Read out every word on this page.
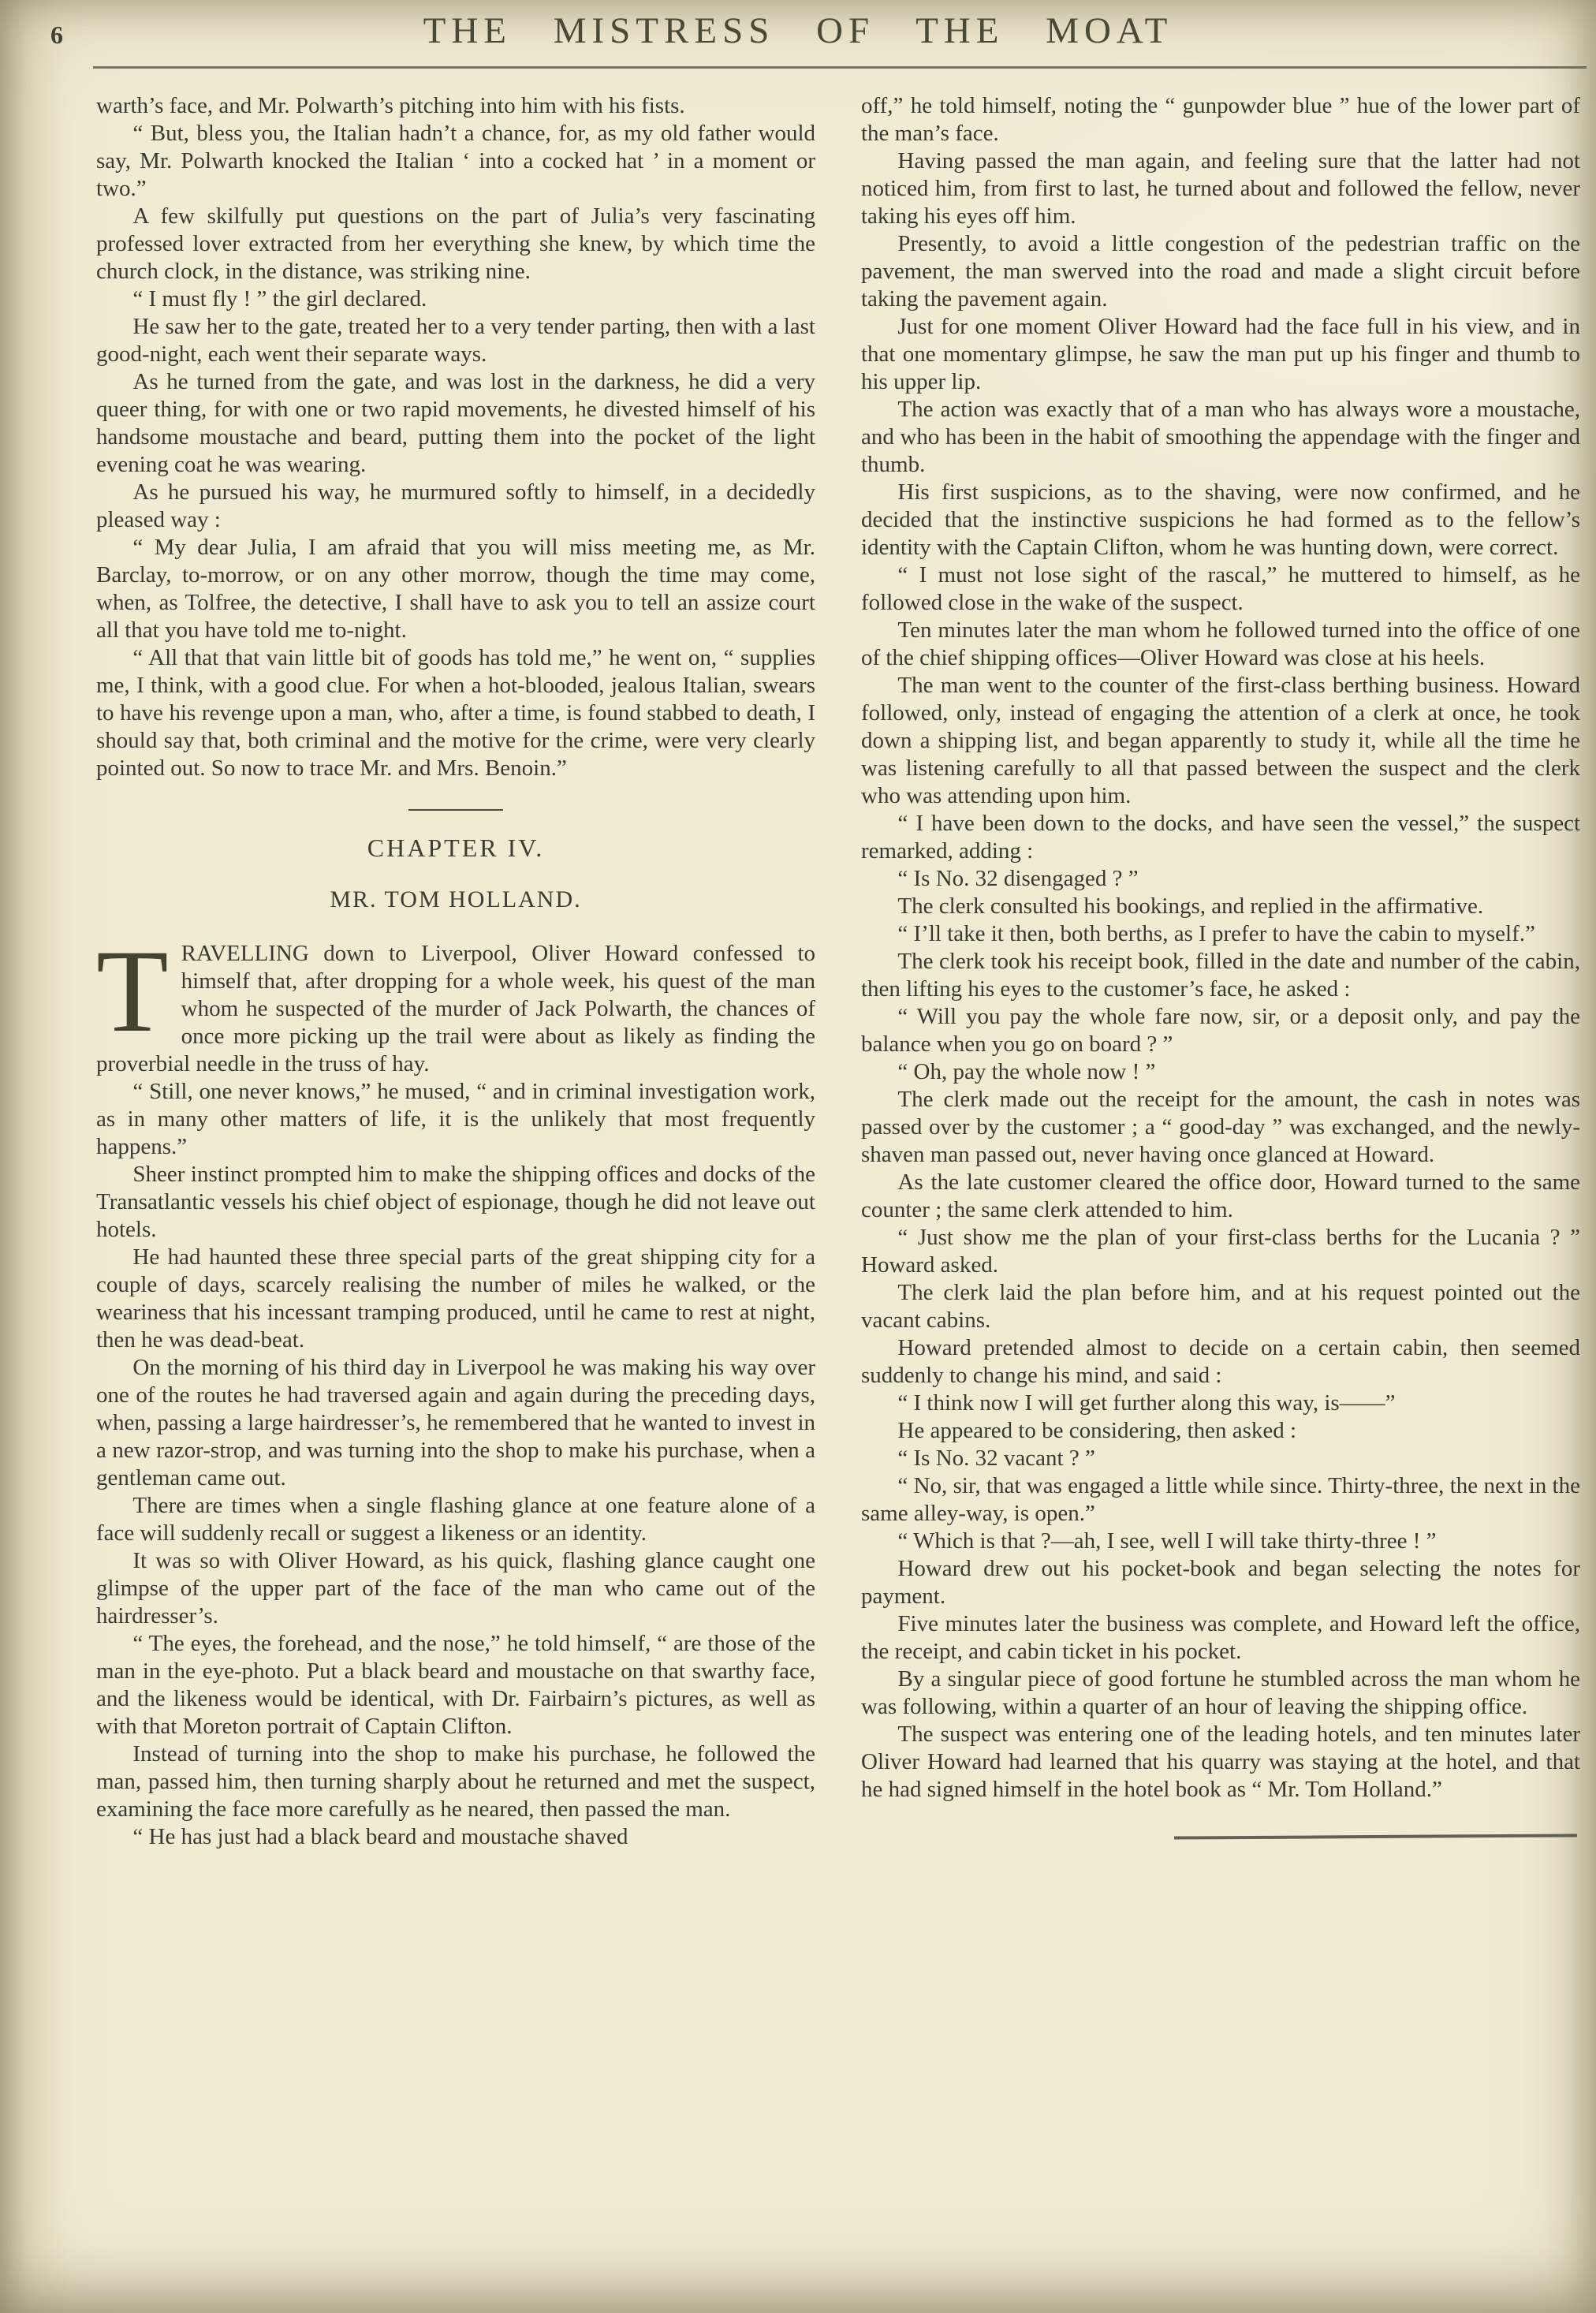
6	THE MISTRESS OF THE MOAT

warth’s face, and Mr. Polwarth’s pitching into him with his fists.

“ But, bless you, the Italian hadn’t a chance, for, as my old father would say, Mr. Polwarth knocked the Italian ‘ into a cocked hat ’ in a moment or two.”

A few skilfully put questions on the part of Julia’s very fascinating professed lover extracted from her everything she knew, by which time the church clock, in the distance, was striking nine.

“ I must fly ! ” the girl declared.

He saw her to the gate, treated her to a very tender parting, then with a last good-night, each went their separate ways.

As he turned from the gate, and was lost in the darkness, he did a very queer thing, for with one or two rapid movements, he divested himself of his handsome moustache and beard, putting them into the pocket of the light evening coat he was wearing.

As he pursued his way, he murmured softly to himself, in a decidedly pleased way :

“ My dear Julia, I am afraid that you will miss meeting me, as Mr. Barclay, to-morrow, or on any other morrow, though the time may come, when, as Tolfree, the detective, I shall have to ask you to tell an assize court all that you have told me to-night.

“ All that that vain little bit of goods has told me,” he went on, “ supplies me, I think, with a good clue. For when a hot-blooded, jealous Italian, swears to have his revenge upon a man, who, after a time, is found stabbed to death, I should say that, both criminal and the motive for the crime, were very clearly pointed out. So now to trace Mr. and Mrs. Benoin.”

CHAPTER IV.
MR. TOM HOLLAND.

TRAVELLING down to Liverpool, Oliver Howard confessed to himself that, after dropping for a whole week, his quest of the man whom he suspected of the murder of Jack Polwarth, the chances of once more picking up the trail were about as likely as finding the proverbial needle in the truss of hay.

“ Still, one never knows,” he mused, “ and in criminal investigation work, as in many other matters of life, it is the unlikely that most frequently happens.”

Sheer instinct prompted him to make the shipping offices and docks of the Transatlantic vessels his chief object of espionage, though he did not leave out hotels.

He had haunted these three special parts of the great shipping city for a couple of days, scarcely realising the number of miles he walked, or the weariness that his incessant tramping produced, until he came to rest at night, then he was dead-beat.

On the morning of his third day in Liverpool he was making his way over one of the routes he had traversed again and again during the preceding days, when, passing a large hairdresser’s, he remembered that he wanted to invest in a new razor-strop, and was turning into the shop to make his purchase, when a gentleman came out.

There are times when a single flashing glance at one feature alone of a face will suddenly recall or suggest a likeness or an identity.

It was so with Oliver Howard, as his quick, flashing glance caught one glimpse of the upper part of the face of the man who came out of the hairdresser’s.

“ The eyes, the forehead, and the nose,” he told himself, “ are those of the man in the eye-photo. Put a black beard and moustache on that swarthy face, and the likeness would be identical, with Dr. Fairbairn’s pictures, as well as with that Moreton portrait of Captain Clifton.

Instead of turning into the shop to make his purchase, he followed the man, passed him, then turning sharply about he returned and met the suspect, examining the face more carefully as he neared, then passed the man.

“ He has just had a black beard and moustache shaved

off,” he told himself, noting the “ gunpowder blue ” hue of the lower part of the man’s face.

Having passed the man again, and feeling sure that the latter had not noticed him, from first to last, he turned about and followed the fellow, never taking his eyes off him.

Presently, to avoid a little congestion of the pedestrian traffic on the pavement, the man swerved into the road and made a slight circuit before taking the pavement again.

Just for one moment Oliver Howard had the face full in his view, and in that one momentary glimpse, he saw the man put up his finger and thumb to his upper lip.

The action was exactly that of a man who has always wore a moustache, and who has been in the habit of smoothing the appendage with the finger and thumb.

His first suspicions, as to the shaving, were now confirmed, and he decided that the instinctive suspicions he had formed as to the fellow’s identity with the Captain Clifton, whom he was hunting down, were correct.

“ I must not lose sight of the rascal,” he muttered to himself, as he followed close in the wake of the suspect.

Ten minutes later the man whom he followed turned into the office of one of the chief shipping offices—Oliver Howard was close at his heels.

The man went to the counter of the first-class berthing business. Howard followed, only, instead of engaging the attention of a clerk at once, he took down a shipping list, and began apparently to study it, while all the time he was listening carefully to all that passed between the suspect and the clerk who was attending upon him.

“ I have been down to the docks, and have seen the vessel,” the suspect remarked, adding :

“ Is No. 32 disengaged ? ”

The clerk consulted his bookings, and replied in the affirmative.

“ I’ll take it then, both berths, as I prefer to have the cabin to myself.”

The clerk took his receipt book, filled in the date and number of the cabin, then lifting his eyes to the customer’s face, he asked :

“ Will you pay the whole fare now, sir, or a deposit only, and pay the balance when you go on board ? ”

“ Oh, pay the whole now ! ”

The clerk made out the receipt for the amount, the cash in notes was passed over by the customer ; a “ good-day ” was exchanged, and the newly-shaven man passed out, never having once glanced at Howard.

As the late customer cleared the office door, Howard turned to the same counter ; the same clerk attended to him.

“ Just show me the plan of your first-class berths for the Lucania ? ” Howard asked.

The clerk laid the plan before him, and at his request pointed out the vacant cabins.

Howard pretended almost to decide on a certain cabin, then seemed suddenly to change his mind, and said :

“ I think now I will get further along this way, is——”

He appeared to be considering, then asked :

“ Is No. 32 vacant ? ”

“ No, sir, that was engaged a little while since. Thirty-three, the next in the same alley-way, is open.”

“ Which is that ?—ah, I see, well I will take thirty-three ! ”

Howard drew out his pocket-book and began selecting the notes for payment.

Five minutes later the business was complete, and Howard left the office, the receipt, and cabin ticket in his pocket.

By a singular piece of good fortune he stumbled across the man whom he was following, within a quarter of an hour of leaving the shipping office.

The suspect was entering one of the leading hotels, and ten minutes later Oliver Howard had learned that his quarry was staying at the hotel, and that he had signed himself in the hotel book as “ Mr. Tom Holland.”
